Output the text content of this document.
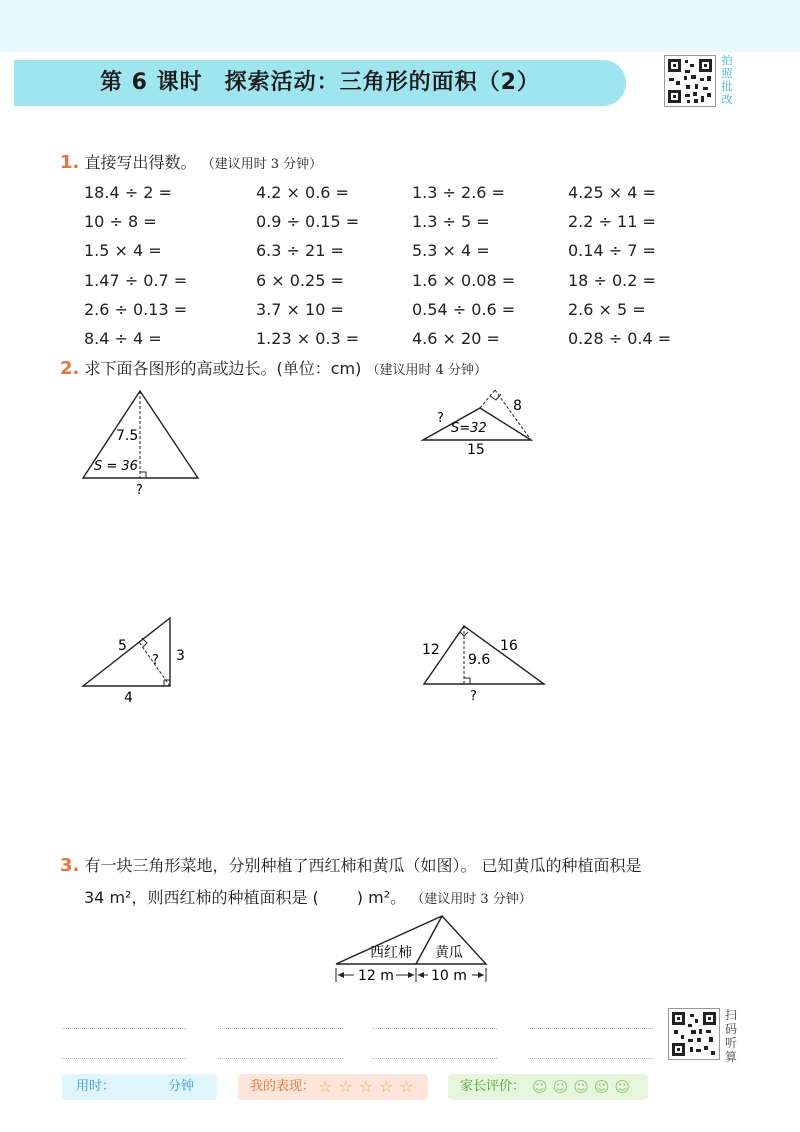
第 6 课时 探索活动：三角形的面积（2）
拍
照
批
改
1. 直接写出得数。 （建议用时 3 分钟）
18.4 ÷ 2 =	4.2 × 0.6 =	1.3 ÷ 2.6 =	4.25 × 4 =
10 ÷ 8 =	0.9 ÷ 0.15 =	1.3 ÷ 5 =	2.2 ÷ 11 =
1.5 × 4 =	6.3 ÷ 21 =	5.3 × 4 =	0.14 ÷ 7 =
1.47 ÷ 0.7 =	6 × 0.25 =	1.6 × 0.08 =	18 ÷ 0.2 =
2.6 ÷ 0.13 =	3.7 × 10 =	0.54 ÷ 0.6 =	2.6 × 5 =
8.4 ÷ 4 =	1.23 × 0.3 =	4.6 × 20 =	0.28 ÷ 0.4 =
2. 求下面各图形的高或边长。(单位：cm) （建议用时 4 分钟）
7.5
S = 36
?
8
?
S=32
15
5
3
?
4
12	16
9.6
?
3. 有一块三角形菜地，分别种植了西红柿和黄瓜（如图）。 已知黄瓜的种植面积是
34 m²，则西红柿的种植面积是 ( ) m²。 （建议用时 3 分钟）
西红柿 黄瓜
12 m	10 m
扫
码
听
算
用时：	分钟	我的表现： ☆☆☆☆☆	家长评价： ☺☺☺☺☺
